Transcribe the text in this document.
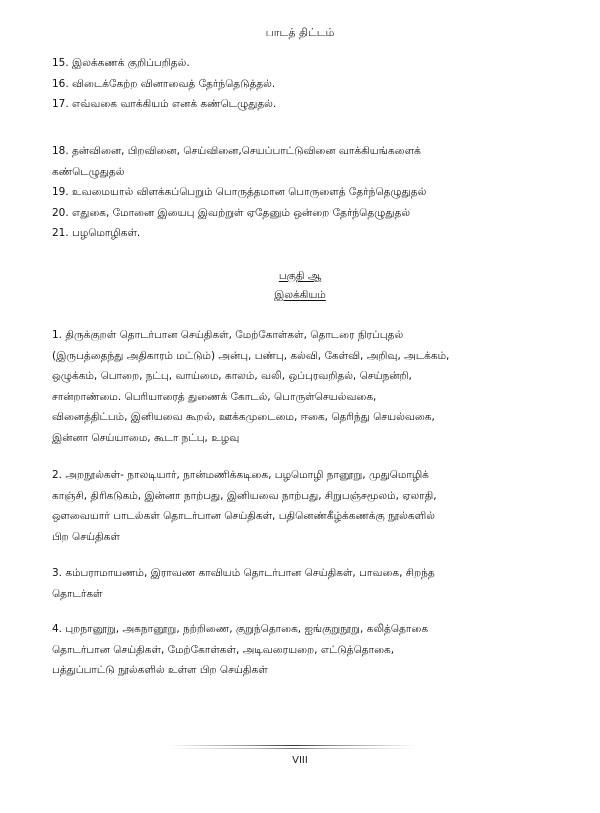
பாடத் திட்டம்

15. இலக்கணக் குறிப்பறிதல்.

16. விடைக்கேற்ற வினாவைத் தேர்ந்தெடுத்தல்.

17. எவ்வகை வாக்கியம் எனக் கண்டெழுதுதல்.

18. தன்வினை, பிறவினை, செய்வினை,செயப்பாட்டுவினை வாக்கியங்களைக்

கண்டெழுதுதல்

19. உவமையால் விளக்கப்பெறும் பொருத்தமான பொருளைத் தேர்ந்தெழுதுதல்

20. எதுகை, மோனை இயைபு இவற்றுள் ஏதேனும் ஒன்றை தேர்ந்தெழுதுதல்

21. பழமொழிகள்.

பகுதி ஆ
இலக்கியம்

1. திருக்குறள் தொடர்பான செய்திகள், மேற்கோள்கள், தொடரை நிரப்புதல்

(இருபத்தைந்து அதிகாரம் மட்டும்) அன்பு, பண்பு, கல்வி, கேள்வி, அறிவு, அடக்கம்,

ஒழுக்கம், பொறை, நட்பு, வாய்மை, காலம், வலி, ஒப்புரவறிதல், செய்நன்றி,

சான்றாண்மை. பெரியாரைத் துணைக் கோடல், பொருள்செயல்வகை,

வினைத்திட்பம், இனியவை கூறல், ஊக்கமுடைமை, ஈகை, தெரிந்து செயல்வகை,

இன்னா செய்யாமை, கூடா நட்பு, உழவு

2. அறநூல்கள்- நாலடியார், நான்மணிக்கடிகை, பழமொழி நானூறு, முதுமொழிக்

காஞ்சி, திரிகடுகம், இன்னா நாற்பது, இனியவை நாற்பது, சிறுபஞ்சமூலம், ஏலாதி,

ஔவையார் பாடல்கள் தொடர்பான செய்திகள், பதினெண்கீழ்க்கணக்கு நூல்களில்

பிற செய்திகள்

3. கம்பராமாயணம், இராவண காவியம் தொடர்பான செய்திகள், பாவகை, சிறந்த

தொடர்கள்

4. புறநானூறு, அகநானூறு, நற்றிணை, குறுந்தொகை, ஐங்குறுநூறு, கலித்தொகை

தொடர்பான செய்திகள், மேற்கோள்கள், அடிவரையறை, எட்டுத்தொகை,

பத்துப்பாட்டு நூல்களில் உள்ள பிற செய்திகள்

VIII
